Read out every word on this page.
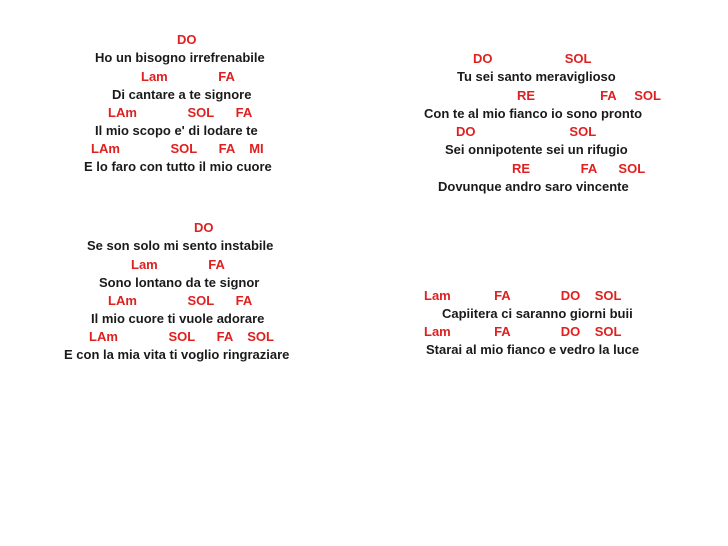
DO
Ho un bisogno irrefrenabile
Lam              FA
Di cantare a te signore
LAm              SOL      FA
Il mio scopo e' di lodare te
LAm              SOL      FA    MI
E lo faro con tutto il mio cuore
DO                    SOL
Tu sei santo meraviglioso
RE                  FA     SOL
Con te al mio fianco io sono pronto
DO                          SOL
Sei onnipotente sei un rifugio
RE              FA      SOL
Dovunque andro saro vincente
DO
Se son solo mi sento instabile
Lam              FA
Sono lontano da te signor
LAm              SOL      FA
Il mio cuore ti vuole adorare
LAm              SOL      FA    SOL
E con la mia vita ti voglio ringraziare
Lam            FA              DO    SOL
Capiitera ci saranno giorni buii
Lam            FA              DO    SOL
Starai al mio fianco e vedro la luce
